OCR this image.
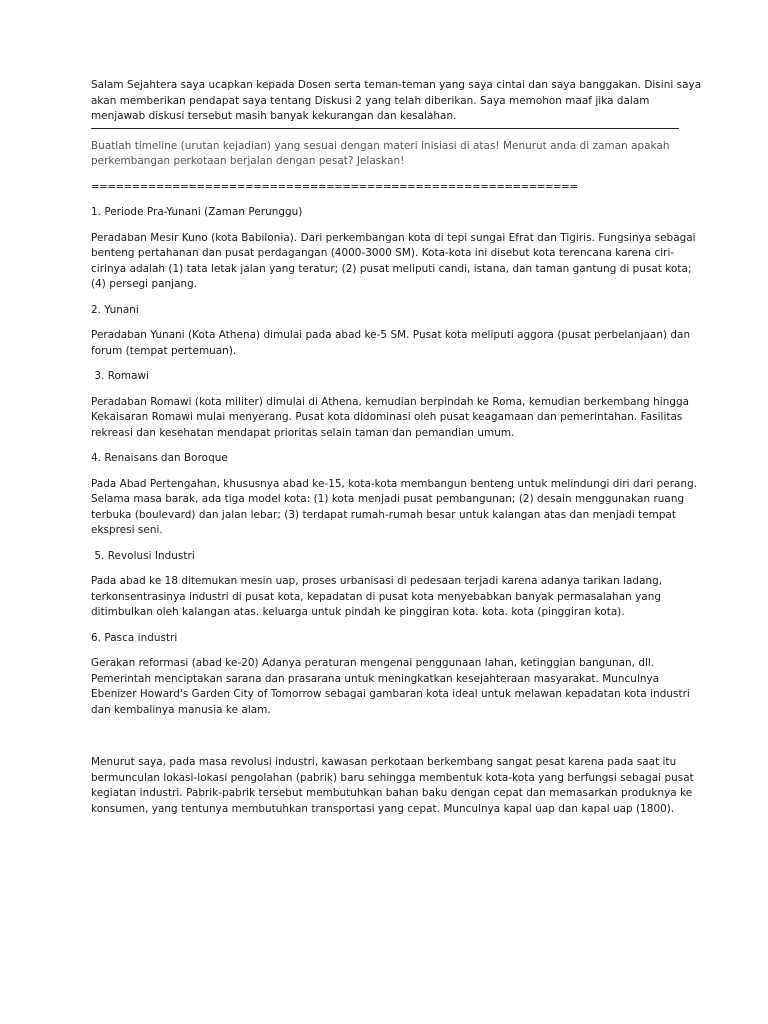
Salam Sejahtera saya ucapkan kepada Dosen serta teman-teman yang saya cintai dan saya banggakan. Disini saya
akan memberikan pendapat saya tentang Diskusi 2 yang telah diberikan. Saya memohon maaf jika dalam
menjawab diskusi tersebut masih banyak kekurangan dan kesalahan.

Buatlah timeline (urutan kejadian) yang sesuai dengan materi inisiasi di atas! Menurut anda di zaman apakah
perkembangan perkotaan berjalan dengan pesat? Jelaskan!

============================================================

1. Periode Pra-Yunani (Zaman Perunggu)

Peradaban Mesir Kuno (kota Babilonia). Dari perkembangan kota di tepi sungai Efrat dan Tigiris. Fungsinya sebagai
benteng pertahanan dan pusat perdagangan (4000-3000 SM). Kota-kota ini disebut kota terencana karena ciri-
cirinya adalah (1) tata letak jalan yang teratur; (2) pusat meliputi candi, istana, dan taman gantung di pusat kota;
(4) persegi panjang.

2. Yunani

Peradaban Yunani (Kota Athena) dimulai pada abad ke-5 SM. Pusat kota meliputi aggora (pusat perbelanjaan) dan
forum (tempat pertemuan).

3. Romawi

Peradaban Romawi (kota militer) dimulai di Athena, kemudian berpindah ke Roma, kemudian berkembang hingga
Kekaisaran Romawi mulai menyerang. Pusat kota didominasi oleh pusat keagamaan dan pemerintahan. Fasilitas
rekreasi dan kesehatan mendapat prioritas selain taman dan pemandian umum.

4. Renaisans dan Boroque

Pada Abad Pertengahan, khususnya abad ke-15, kota-kota membangun benteng untuk melindungi diri dari perang.
Selama masa barak, ada tiga model kota: (1) kota menjadi pusat pembangunan; (2) desain menggunakan ruang
terbuka (boulevard) dan jalan lebar; (3) terdapat rumah-rumah besar untuk kalangan atas dan menjadi tempat
ekspresi seni.

5. Revolusi Industri

Pada abad ke 18 ditemukan mesin uap, proses urbanisasi di pedesaan terjadi karena adanya tarikan ladang,
terkonsentrasinya industri di pusat kota, kepadatan di pusat kota menyebabkan banyak permasalahan yang
ditimbulkan oleh kalangan atas. keluarga untuk pindah ke pinggiran kota. kota. kota (pinggiran kota).

6. Pasca industri

Gerakan reformasi (abad ke-20) Adanya peraturan mengenai penggunaan lahan, ketinggian bangunan, dll.
Pemerintah menciptakan sarana dan prasarana untuk meningkatkan kesejahteraan masyarakat. Munculnya
Ebenizer Howard's Garden City of Tomorrow sebagai gambaran kota ideal untuk melawan kepadatan kota industri
dan kembalinya manusia ke alam.

Menurut saya, pada masa revolusi industri, kawasan perkotaan berkembang sangat pesat karena pada saat itu
bermunculan lokasi-lokasi pengolahan (pabrik) baru sehingga membentuk kota-kota yang berfungsi sebagai pusat
kegiatan industri. Pabrik-pabrik tersebut membutuhkan bahan baku dengan cepat dan memasarkan produknya ke
konsumen, yang tentunya membutuhkan transportasi yang cepat. Munculnya kapal uap dan kapal uap (1800).
